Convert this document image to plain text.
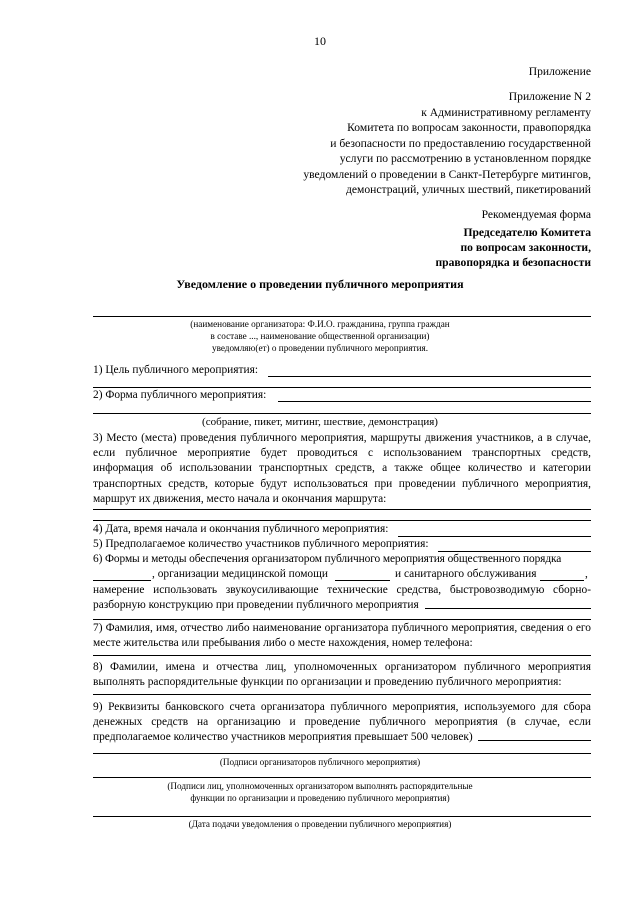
10
Приложение
Приложение N 2
к Административному регламенту
Комитета по вопросам законности, правопорядка
и безопасности по предоставлению государственной
услуги по рассмотрению в установленном порядке
уведомлений о проведении в Санкт-Петербурге митингов,
демонстраций, уличных шествий, пикетирований
Рекомендуемая форма
Председателю Комитета
по вопросам законности,
правопорядка и безопасности
Уведомление о проведении публичного мероприятия
(наименование организатора: Ф.И.О. гражданина, группа граждан
в составе ..., наименование общественной организации)
уведомляю(ет) о проведении публичного мероприятия.
1) Цель публичного мероприятия:
2) Форма публичного мероприятия:
(собрание, пикет, митинг, шествие, демонстрация)
3) Место (места) проведения публичного мероприятия, маршруты движения участников, а в случае, если публичное мероприятие будет проводиться с использованием транспортных средств, информация об использовании транспортных средств, а также общее количество и категории транспортных средств, которые будут использоваться при проведении публичного мероприятия, маршрут их движения, место начала и окончания маршрута:
4) Дата, время начала и окончания публичного мероприятия:
5) Предполагаемое количество участников публичного мероприятия:
6) Формы и методы обеспечения организатором публичного мероприятия общественного порядка
, организации медицинской помощи	и санитарного обслуживания	,
намерение использовать звукоусиливающие технические средства, быстровозводимую сборно-разборную конструкцию при проведении публичного мероприятия
7) Фамилия, имя, отчество либо наименование организатора публичного мероприятия, сведения о его месте жительства или пребывания либо о месте нахождения, номер телефона:
8) Фамилии, имена и отчества лиц, уполномоченных организатором публичного мероприятия выполнять распорядительные функции по организации и проведению публичного мероприятия:
9) Реквизиты банковского счета организатора публичного мероприятия, используемого для сбора денежных средств на организацию и проведение публичного мероприятия (в случае, если предполагаемое количество участников мероприятия превышает 500 человек)
(Подписи организаторов публичного мероприятия)
(Подписи лиц, уполномоченных организатором выполнять распорядительные
функции по организации и проведению публичного мероприятия)
(Дата подачи уведомления о проведении публичного мероприятия)
